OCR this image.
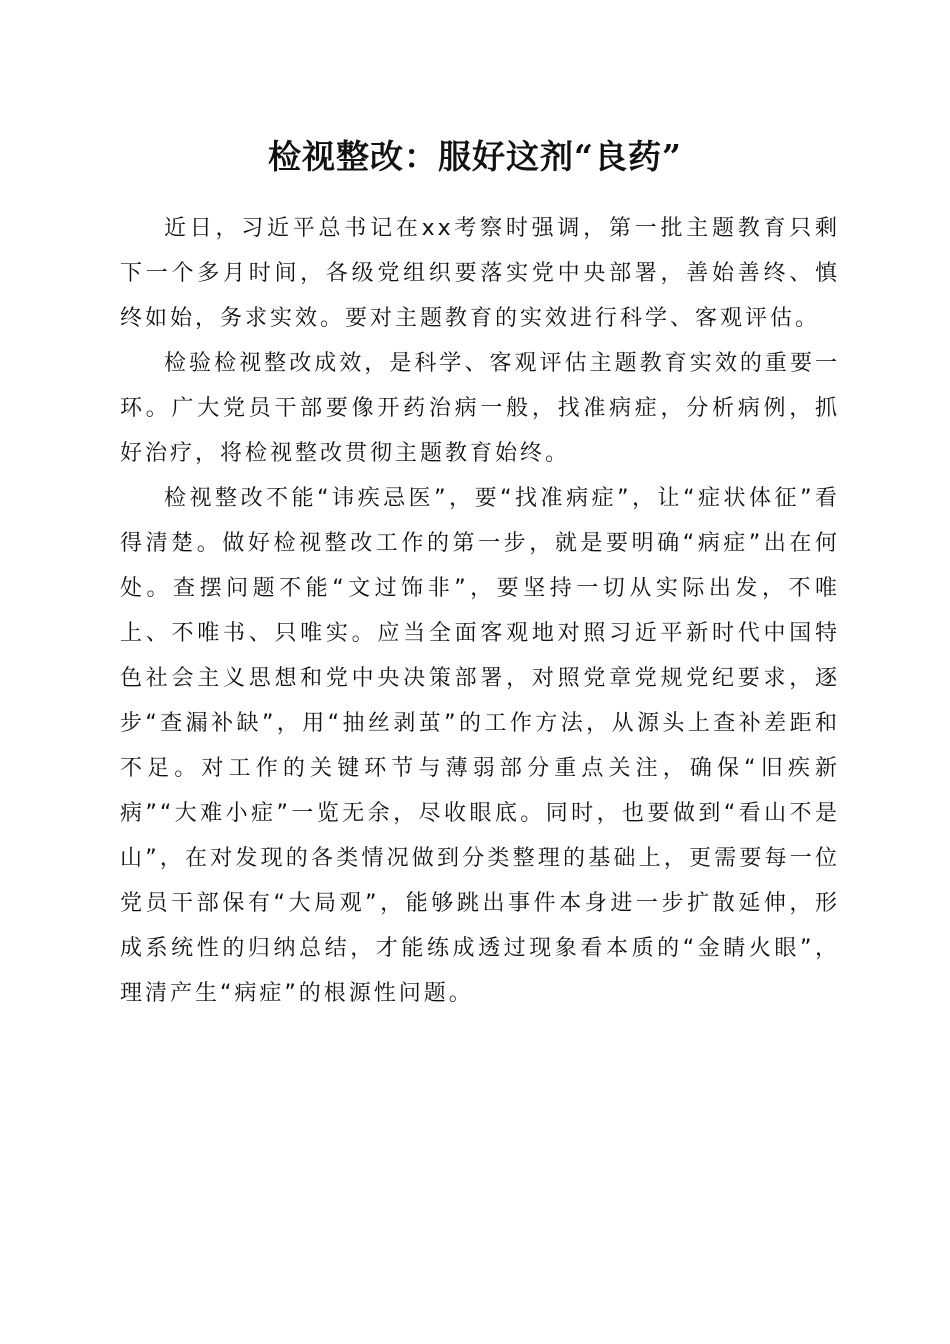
检视整改：服好这剂“良药”

近日，习近平总书记在xx考察时强调，第一批主题教育只剩下一个多月时间，各级党组织要落实党中央部署，善始善终、慎终如始，务求实效。要对主题教育的实效进行科学、客观评估。

检验检视整改成效，是科学、客观评估主题教育实效的重要一环。广大党员干部要像开药治病一般，找准病症，分析病例，抓好治疗，将检视整改贯彻主题教育始终。

检视整改不能“讳疾忌医”，要“找准病症”，让“症状体征”看得清楚。做好检视整改工作的第一步，就是要明确“病症”出在何处。查摆问题不能“文过饰非”，要坚持一切从实际出发，不唯上、不唯书、只唯实。应当全面客观地对照习近平新时代中国特色社会主义思想和党中央决策部署，对照党章党规党纪要求，逐步“查漏补缺”，用“抽丝剥茧”的工作方法，从源头上查补差距和不足。对工作的关键环节与薄弱部分重点关注，确保“旧疾新病”“大难小症”一览无余，尽收眼底。同时，也要做到“看山不是山”，在对发现的各类情况做到分类整理的基础上，更需要每一位党员干部保有“大局观”，能够跳出事件本身进一步扩散延伸，形成系统性的归纳总结，才能练成透过现象看本质的“金睛火眼”，理清产生“病症”的根源性问题。
